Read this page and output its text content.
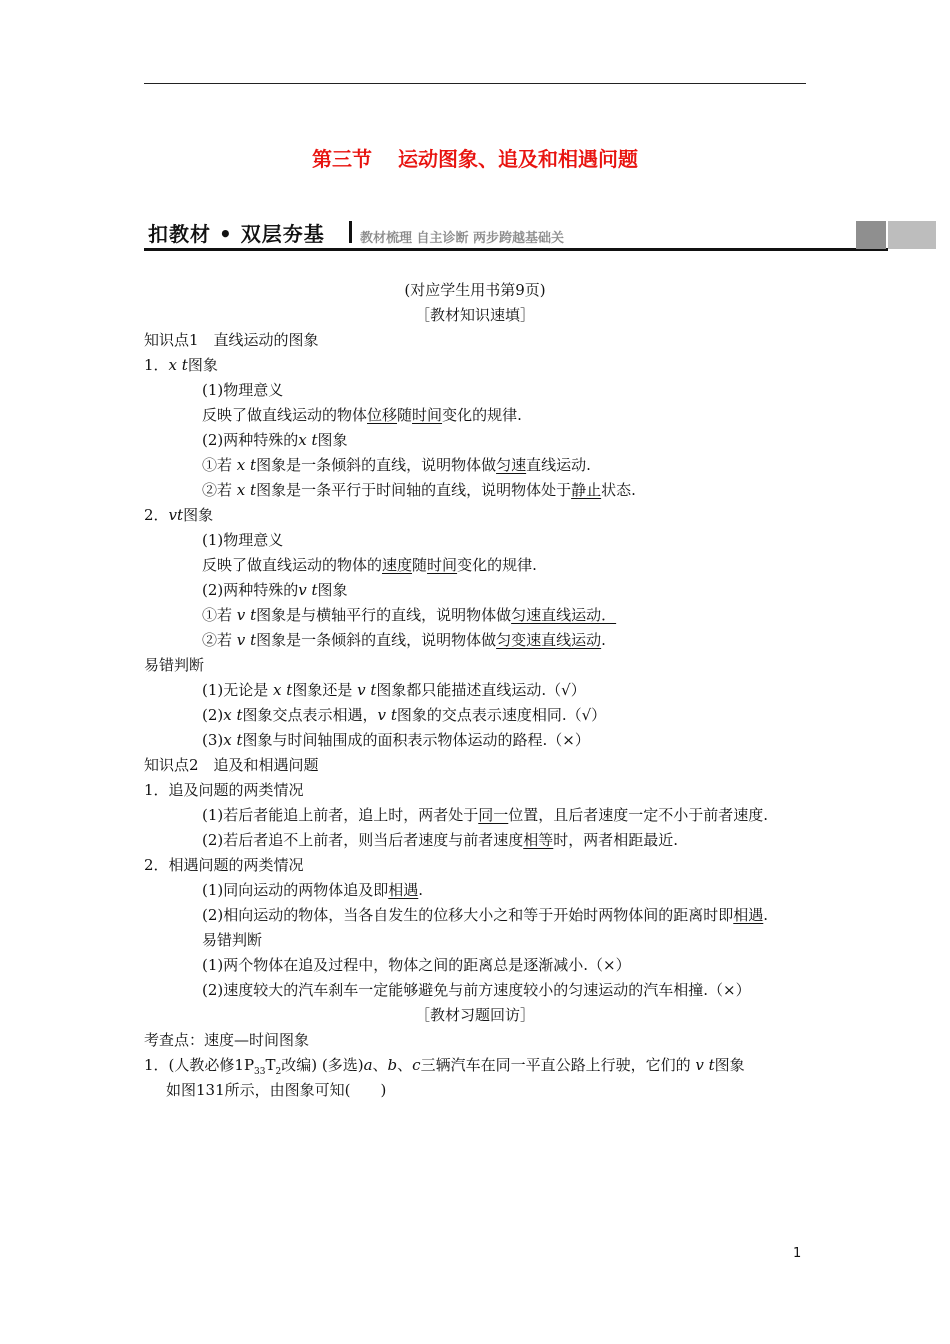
第三节 运动图象、追及和相遇问题
扣教材 • 双层夯基	教材梳理 自主诊断 两步跨越基础关
(对应学生用书第9页)
［教材知识速填］
知识点1　直线运动的图象
1．x t图象
(1)物理意义
反映了做直线运动的物体位移随时间变化的规律.
(2)两种特殊的x t图象
①若 x t图象是一条倾斜的直线，说明物体做匀速直线运动.
②若 x t图象是一条平行于时间轴的直线，说明物体处于静止状态.
2．vt图象
(1)物理意义
反映了做直线运动的物体的速度随时间变化的规律.
(2)两种特殊的v t图象
①若 v t图象是与横轴平行的直线，说明物体做匀速直线运动．
②若 v t图象是一条倾斜的直线，说明物体做匀变速直线运动.
易错判断
(1)无论是 x t图象还是 v t图象都只能描述直线运动.（√）
(2)x t图象交点表示相遇，v t图象的交点表示速度相同.（√）
(3)x t图象与时间轴围成的面积表示物体运动的路程.（×）
知识点2　追及和相遇问题
1．追及问题的两类情况
(1)若后者能追上前者，追上时，两者处于同一位置，且后者速度一定不小于前者速度.
(2)若后者追不上前者，则当后者速度与前者速度相等时，两者相距最近.
2．相遇问题的两类情况
(1)同向运动的两物体追及即相遇.
(2)相向运动的物体，当各自发生的位移大小之和等于开始时两物体间的距离时即相遇.
易错判断
(1)两个物体在追及过程中，物体之间的距离总是逐渐减小.（×）
(2)速度较大的汽车刹车一定能够避免与前方速度较小的匀速运动的汽车相撞.（×）
［教材习题回访］
考查点：速度—时间图象
1．(人教必修$1P_{33}T_2$改编) (多选)a、b、c三辆汽车在同一平直公路上行驶，它们的 v t图象
如图131所示，由图象可知(　　)
1
